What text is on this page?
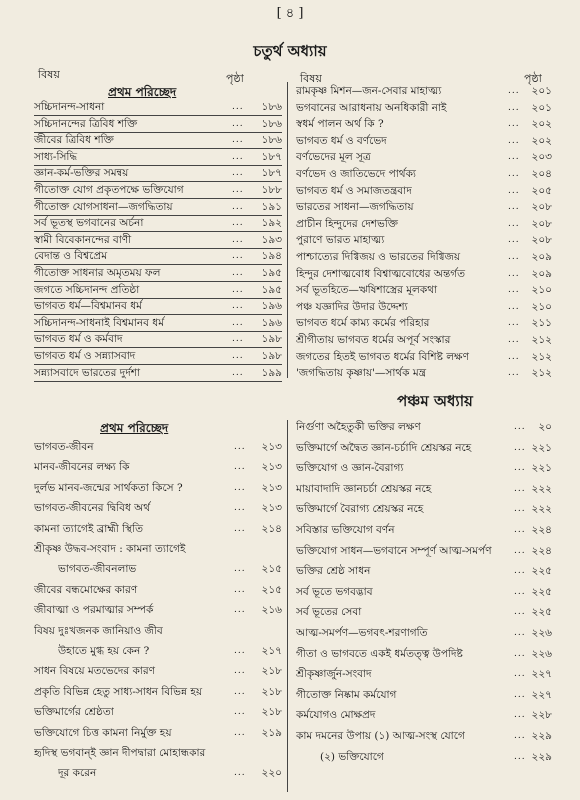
[ ৪ ]
চতুর্থ অধ্যায়
বিষয়	পৃষ্ঠা	বিষয়	পৃষ্ঠা
প্রথম পরিচ্ছেদ
সচ্চিদানন্দ-সাধনা	...	১৮৬
সচ্চিদানন্দের ত্রিবিধ শক্তি	...	১৮৬
জীবের ত্রিবিধ শক্তি	...	১৮৬
সাধ্য-সিদ্ধি	...	১৮৭
জ্ঞান-কর্ম-ভক্তির সমন্বয়	...	১৮৭
গীতোক্ত যোগ প্রকৃতপক্ষে ভক্তিযোগ	...	১৮৮
গীতোক্ত যোগসাধনা—জগদ্ধিতায়	...	১৯১
সর্ব ভূতস্থ ভগবানের অর্চনা	...	১৯২
স্বামী বিবেকানন্দের বাণী	...	১৯৩
বেদান্ত ও বিশ্বপ্রেম	...	১৯৪
গীতোক্ত সাধনার অমৃতময় ফল	...	১৯৫
জগতে সচ্চিদানন্দ প্রতিষ্ঠা	...	১৯৫
ভাগবত ধর্ম—বিশ্বমানব ধর্ম	...	১৯৬
সচ্চিদানন্দ-সাধনাই বিশ্বমানব ধর্ম	...	১৯৬
ভাগবত ধর্ম ও কর্মবাদ	...	১৯৮
ভাগবত ধর্ম ও সন্ন্যাসবাদ	...	১৯৮
সন্ন্যাসবাদে ভারতের দুর্দশা	...	১৯৯
রামকৃষ্ণ মিশন—জন-সেবার মাহাত্ম্য	...	২০১
ভগবানের আরাধনায় অনধিকারী নাই	...	২০১
স্বধর্ম পালন অর্থ কি ?	...	২০২
ভাগবত ধর্ম ও বর্ণভেদ	...	২০২
বর্ণভেদের মূল সূত্র	...	২০৩
বর্ণভেদ ও জাতিভেদে পার্থক্য	...	২০৪
ভাগবত ধর্ম ও সমাজতন্ত্রবাদ	...	২০৫
ভারতের সাধনা—জগদ্ধিতায়	...	২০৮
প্রাচীন হিন্দুদের দেশভক্তি	...	২০৮
পুরাণে ভারত মাহাত্ম্য	...	২০৮
পাশ্চাত্যের দিগ্বিজয় ও ভারতের দিগ্বিজয়	...	২০৯
হিন্দুর দেশাত্মবোধ বিশ্বাত্মবোধের অন্তর্গত	...	২০৯
সর্ব ভূতহিতে—ঋষিশাস্ত্রের মূলকথা	...	২১০
পঞ্চ যজ্ঞাদির উদার উদ্দেশ্য	...	২১০
ভাগবত ধর্মে কাম্য কর্মের পরিহার	...	২১১
শ্রীগীতায় ভাগবত ধর্মের অপূর্ব সংস্কার	...	২১২
জগতের হিতই ভাগবত ধর্মের বিশিষ্ট লক্ষণ	...	২১২
'জগদ্ধিতায় কৃষ্ণায়'—সার্থক মন্ত্র	...	২১২
পঞ্চম অধ্যায়
প্রথম পরিচ্ছেদ
ভাগবত-জীবন	...	২১৩
মানব-জীবনের লক্ষ্য কি	...	২১৩
দুর্লভ মানব-জন্মের সার্থকতা কিসে ?	...	২১৩
ভাগবত-জীবনের দ্বিবিধ অর্থ	...	২১৩
কামনা ত্যাগেই ব্রাহ্মী স্থিতি	...	২১৪
শ্রীকৃষ্ণ উদ্ধব-সংবাদ : কামনা ত্যাগেই
ভাগবত-জীবনলাভ	...	২১৫
জীবের বন্ধমোক্ষের কারণ	...	২১৫
জীবাত্মা ও পরমাত্মার সম্পর্ক	...	২১৬
বিষয় দুঃখজনক জানিয়াও জীব
উহাতে মুগ্ধ হয় কেন ?	...	২১৭
সাধন বিষয়ে মতভেদের কারণ	...	২১৮
প্রকৃতি বিভিন্ন হেতু সাধ্য-সাধন বিভিন্ন হয়	...	২১৮
ভক্তিমার্গের শ্রেষ্ঠতা	...	২১৮
ভক্তিযোগে চিত্ত কামনা নির্মুক্ত হয়	...	২১৯
হৃদিস্থ ভগবান্‌ই জ্ঞান দীপদ্বারা মোহান্ধকার
দূর করেন	...	২২০
নির্গুণা অহৈতুকী ভক্তির লক্ষণ	...	২০
ভক্তিমার্গে অদ্বৈত জ্ঞান-চর্চাদি শ্রেয়স্কর নহে	... ২২১
ভক্তিযোগ ও জ্ঞান-বৈরাগ্য	... ২২১
মায়াবাদাদি জ্ঞানচর্চা শ্রেয়স্কর নহে	... ২২২
ভক্তিমার্গে বৈরাগ্য শ্রেয়স্কর নহে	... ২২২
সবিস্তার ভক্তিযোগ বর্ণন	... ২২৪
ভক্তিযোগ সাধন—ভগবানে সম্পূর্ণ আত্ম-সমর্পণ	... ২২৪
ভক্তির শ্রেষ্ঠ সাধন	... ২২৫
সর্ব ভূতে ভগবদ্ভাব	... ২২৫
সর্ব ভূতের সেবা	... ২২৫
আত্ম-সমর্পণ—ভগবৎ-শরণাগতি	... ২২৬
গীতা ও ভাগবতে একই ধর্মতত্ত্ব উপদিষ্ট	... ২২৬
শ্রীকৃষ্ণার্জুন-সংবাদ	... ২২৭
গীতোক্ত নিষ্কাম কর্মযোগ	... ২২৭
কর্মযোগও মোক্ষপ্রদ	... ২২৮
কাম দমনের উপায় (১) আত্ম-সংস্থ যোগে	... ২২৯
(২) ভক্তিযোগে	... ২২৯
